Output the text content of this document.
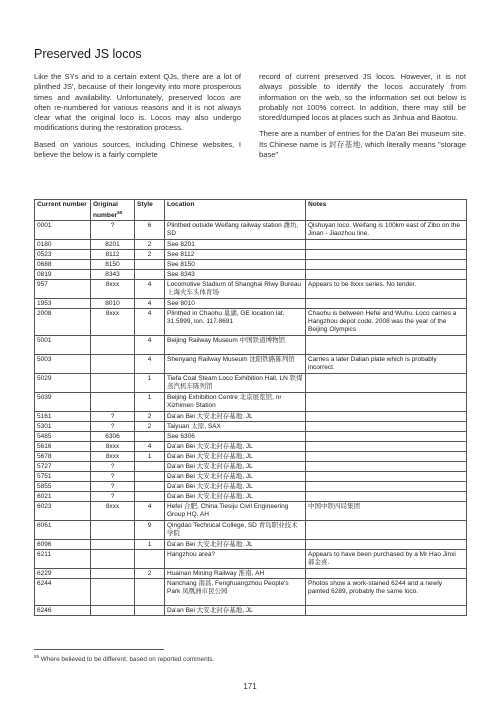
Preserved JS locos

Like the SYs and to a certain extent QJs, there are a lot of plinthed JS', because of their longevity into more prosperous times and availability. Unfortunately, preserved locos are often re-numbered for various reasons and it is not always clear what the original loco is. Locos may also undergo modifications during the restoration process.

Based on various sources, including Chinese websites, I believe the below is a fairly complete

record of current preserved JS locos. However, it is not always possible to identify the locos accurately from information on the web, so the information set out below is probably not 100% correct. In addition, there may still be stored/dumped locos at places such as Jinhua and Baotou.

There are a number of entries for the Da'an Bei museum site. Its Chinese name is 封存基地, which literally means "storage base"

Current number	Original number$^{55}$	Style	Location	Notes
0001	?	6	Plinthed outside Weifang railway station 潍坊, SD	Qishuyan loco. Weifang is 100km east of Zibo on the Jinan - Jiaozhou line.
0180	8201	2	See 8201	
0523	8112	2	See 8112	
0688	8150		See 8150	
0819	8343		See 8343	
957	8xxx	4	Locomotive Stadium of Shanghai Rlwy Bureau 上海火车头体育场	Appears to be 8xxx series. No tender.
1953	8010	4	See 8010	
2008	8xxx	4	Plinthed in Chaohu 巢湖, GE location lat. 31.5999, lon. 117.8691	Chaohu is between Hefei and Wuhu. Loco carries a Hangzhou depot code. 2008 was the year of the Beijing Olympics
5001		4	Beijing Railway Museum 中国铁道博物馆	
5003		4	Shenyang Railway Museum 沈阳铁路陈列馆	Carries a later Dalian plate which is probably incorrect.
5029		1	Tiefa Coal Steam Loco Exhibition Hall, LN 铁煤蒸汽机车陈列馆	
5039		1	Beijing Exhibition Centre 北京展览馆, nr Xizhimen Station	
5161	?	2	Da'an Bei 大安北封存基地, JL	
5301	?	2	Taiyuan 太原, SAX	
5485	6306		See 6306	
5616	8xxx	4	Da'an Bei 大安北封存基地, JL	
5678	8xxx	1	Da'an Bei 大安北封存基地, JL	
5727	?		Da'an Bei 大安北封存基地, JL	
5751	?		Da'an Bei 大安北封存基地, JL	
5855	?		Da'an Bei 大安北封存基地, JL	
6021	?		Da'an Bei 大安北封存基地, JL	
6023	8xxx	4	Hefei 合肥, China Tiesiju Civil Engineering Group HQ, AH	中国中铁四局集团
6061		9	Qingdao Technical College, SD 青岛职业技术学院	
6096		1	Da'an Bei 大安北封存基地, JL	
6211			Hangzhou area?	Appears to have been purchased by a Mr Hao Jinxi 郝金喜.
6229		2	Huainan Mining Railway 淮南, AH	
6244			Nanchang 南昌, Fenghuangzhou People's Park 凤凰洲市民公园	Photos show a work-stained 6244 and a newly painted 6289, probably the same loco.
6246			Da'an Bei 大安北封存基地, JL	
$^{55}$ Where believed to be different, based on reported comments.
171
